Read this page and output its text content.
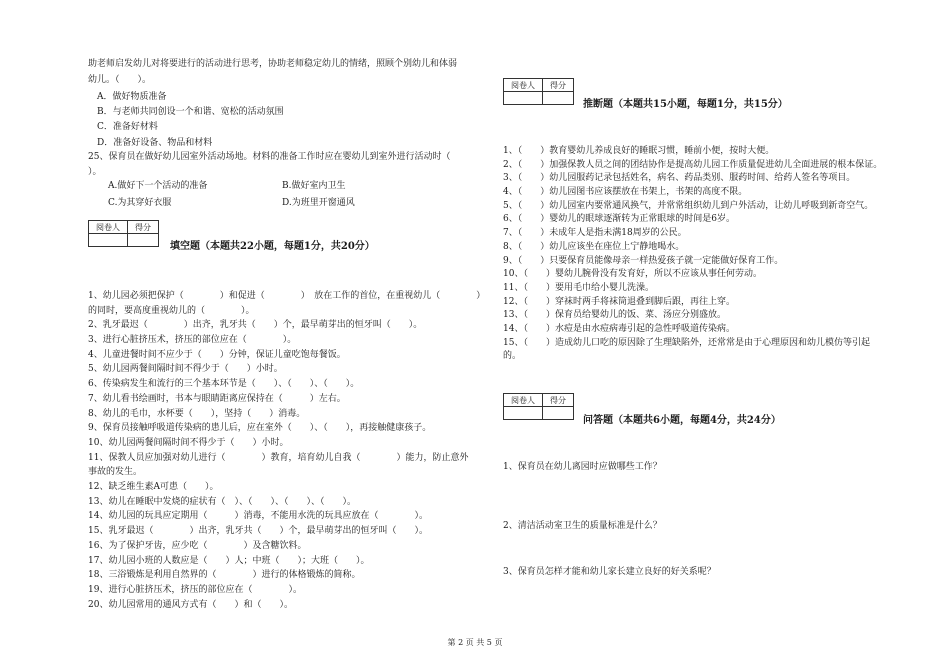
助老师启发幼儿对将要进行的活动进行思考，协助老师稳定幼儿的情绪，照顾个别幼儿和体弱
幼儿。（　　）。
　A．做好物质准备
　B．与老师共同创设一个和谐、宽松的活动氛围
　C．准备好材料
　D．准备好设备、物品和材料
25、保育员在做好幼儿园室外活动场地。材料的准备工作时应在婴幼儿到室外进行活动时（
）。
A.做好下一个活动的准备	B.做好室内卫生
C.为其穿好衣服	D.为班里开窗通风
阅卷人	得分

填空题（本题共22小题，每题1分，共20分）
1、幼儿园必须把保护（　　　　）和促进（　　　　）　放在工作的首位，在重视幼儿（　　　　）
的同时，要高度重视幼儿的（　　　　）。
2、乳牙最迟（　　　　）出齐，乳牙共（　　）个，最早萌芽出的恒牙叫（　　）。
3、进行心脏挤压术，挤压的部位应在（　　　　）。
4、儿童进餐时间不应少于（　　）分钟，保证儿童吃饱每餐饭。
5、幼儿园两餐间隔时间不得少于（　　）小时。
6、传染病发生和流行的三个基本环节是（　　）、（　　）、（　　）。
7、幼儿看书绘画时，书本与眼睛距离应保持在（　　　）左右。
8、幼儿的毛巾，水杯要（　　），坚持（　　）消毒。
9、保育员接触呼吸道传染病的患儿后，应在室外（　　）、（　　），再接触健康孩子。
10、幼儿园两餐间隔时间不得少于（　　）小时。
11、保教人员应加强对幼儿进行（　　　　）教育，培育幼儿自我（　　　　）能力，防止意外
事故的发生。
12、缺乏维生素A可患（　　）。
13、幼儿在睡眠中发烧的症状有（　）、（　　）、（　　）、（　　）。
14、幼儿园的玩具应定期用（　　　）消毒，不能用水洗的玩具应放在（　　　　）。
15、乳牙最迟（　　　　）出齐，乳牙共（　　）个，最早萌芽出的恒牙叫（　　）。
16、为了保护牙齿，应少吃（　　　　）及含糖饮料。
17、幼儿园小班的人数应是（　　）人；中班（　　）；大班（　　）。
18、三浴锻炼是利用自然界的（　　　　）进行的体格锻炼的简称。
19、进行心脏挤压术，挤压的部位应在（　　　　）。
20、幼儿园常用的通风方式有（　　）和（　　）。
阅卷人	得分

推断题（本题共15小题，每题1分，共15分）
1、（　　）教育婴幼儿养成良好的睡眠习惯，睡前小便，按时大便。
2、（　　）加强保教人员之间的团结协作是提高幼儿园工作质量促进幼儿全面进展的根本保证。
3、（　　）幼儿园服药记录包括姓名，病名、药品类别、服药时间、给药人签名等项目。
4、（　　）幼儿园图书应该摆放在书架上，书架的高度不限。
5、（　　）幼儿园室内要常通风换气，并常常组织幼儿到户外活动，让幼儿呼吸到新奇空气。
6、（　　）婴幼儿的眼球逐渐转为正常眼球的时间是6岁。
7、（　　）未成年人是指未满18周岁的公民。
8、（　　）幼儿应该坐在座位上宁静地喝水。
9、（　　）只要保育员能像母亲一样热爱孩子就一定能做好保育工作。
10、（　　）婴幼儿腕骨没有发育好，所以不应该从事任何劳动。
11、（　　）要用毛巾给小婴儿洗澡。
12、（　　）穿袜时两手将袜筒退叠到脚后跟，再往上穿。
13、（　　）保育员给婴幼儿的饭、菜、汤应分别盛放。
14、（　　）水痘是由水痘病毒引起的急性呼吸道传染病。
15、（　　）造成幼儿口吃的原因除了生理缺陷外，还常常是由于心理原因和幼儿模仿等引起
的。
阅卷人	得分

问答题（本题共6小题，每题4分，共24分）
1、保育员在幼儿离园时应做哪些工作？
2、清洁活动室卫生的质量标准是什么？
3、保育员怎样才能和幼儿家长建立良好的好关系呢？
第 2 页 共 5 页
